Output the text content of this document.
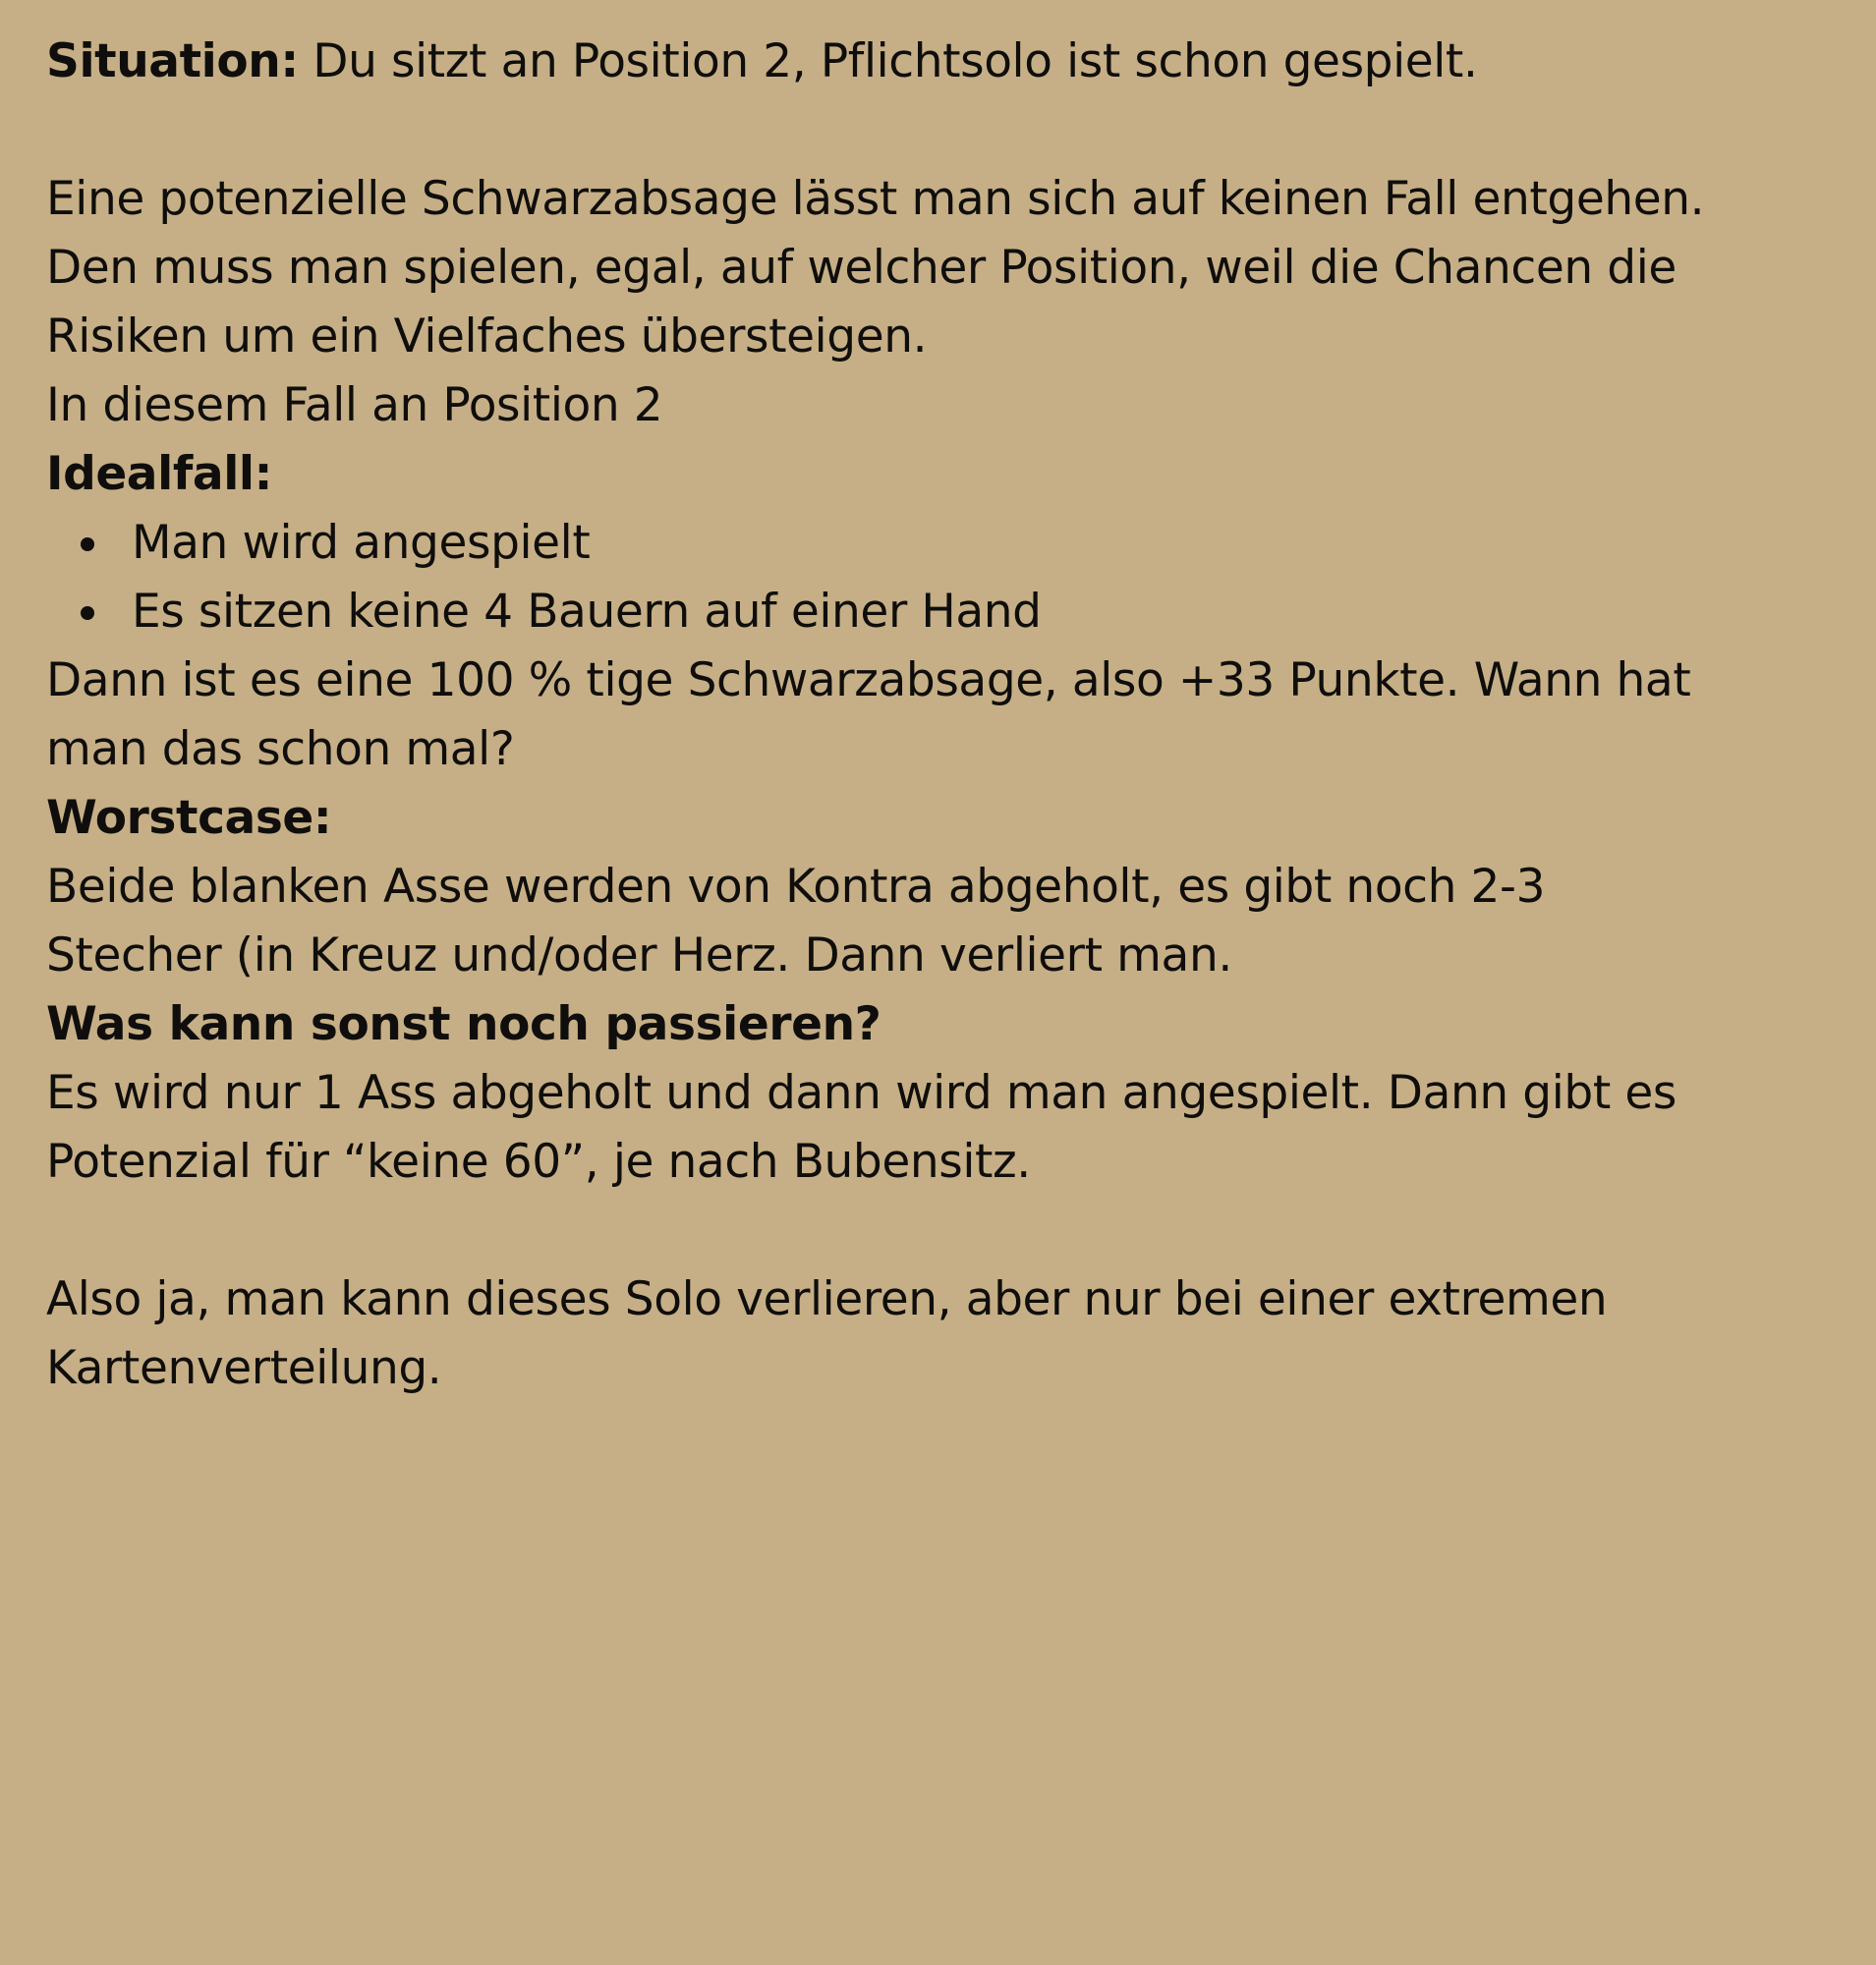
Situation: Du sitzt an Position 2, Pflichtsolo ist schon gespielt.

Eine potenzielle Schwarzabsage lässt man sich auf keinen Fall entgehen.

Den muss man spielen, egal, auf welcher Position, weil die Chancen die

Risiken um ein Vielfaches übersteigen.

In diesem Fall an Position 2

Idealfall:

Man wird angespielt
Es sitzen keine 4 Bauern auf einer Hand

Dann ist es eine 100 % tige Schwarzabsage, also +33 Punkte. Wann hat

man das schon mal?

Worstcase:

Beide blanken Asse werden von Kontra abgeholt, es gibt noch 2-3

Stecher (in Kreuz und/oder Herz. Dann verliert man.

Was kann sonst noch passieren?

Es wird nur 1 Ass abgeholt und dann wird man angespielt. Dann gibt es

Potenzial für “keine 60”, je nach Bubensitz.

Also ja, man kann dieses Solo verlieren, aber nur bei einer extremen

Kartenverteilung.
